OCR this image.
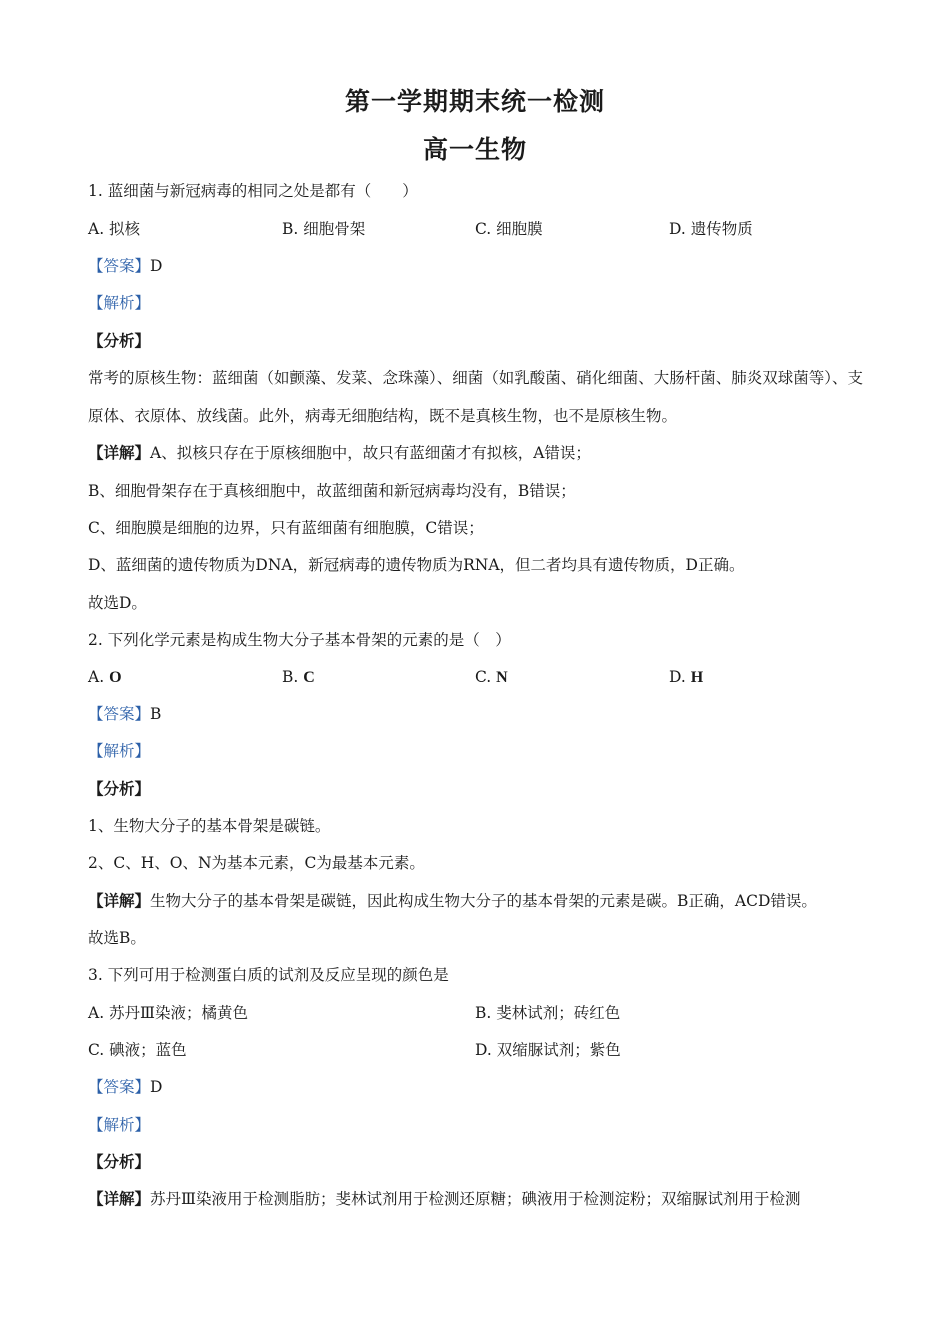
第一学期期末统一检测
高一生物
1. 蓝细菌与新冠病毒的相同之处是都有（　　）
A. 拟核	B. 细胞骨架	C. 细胞膜	D. 遗传物质
【答案】D
【解析】
【分析】
常考的原核生物：蓝细菌（如颤藻、发菜、念珠藻）、细菌（如乳酸菌、硝化细菌、大肠杆菌、肺炎双球菌等）、支原体、衣原体、放线菌。此外，病毒无细胞结构，既不是真核生物，也不是原核生物。
【详解】A、拟核只存在于原核细胞中，故只有蓝细菌才有拟核，A错误；
B、细胞骨架存在于真核细胞中，故蓝细菌和新冠病毒均没有，B错误；
C、细胞膜是细胞的边界，只有蓝细菌有细胞膜，C错误；
D、蓝细菌的遗传物质为DNA，新冠病毒的遗传物质为RNA，但二者均具有遗传物质，D正确。
故选D。
2. 下列化学元素是构成生物大分子基本骨架的元素的是（　）
A. O	B. C	C. N	D. H
【答案】B
【解析】
【分析】
1、生物大分子的基本骨架是碳链。
2、C、H、O、N为基本元素，C为最基本元素。
【详解】生物大分子的基本骨架是碳链，因此构成生物大分子的基本骨架的元素是碳。B正确，ACD错误。
故选B。
3. 下列可用于检测蛋白质的试剂及反应呈现的颜色是
A. 苏丹Ⅲ染液；橘黄色	B. 斐林试剂；砖红色
C. 碘液；蓝色	D. 双缩脲试剂；紫色
【答案】D
【解析】
【分析】
【详解】苏丹Ⅲ染液用于检测脂肪；斐林试剂用于检测还原糖；碘液用于检测淀粉；双缩脲试剂用于检测
